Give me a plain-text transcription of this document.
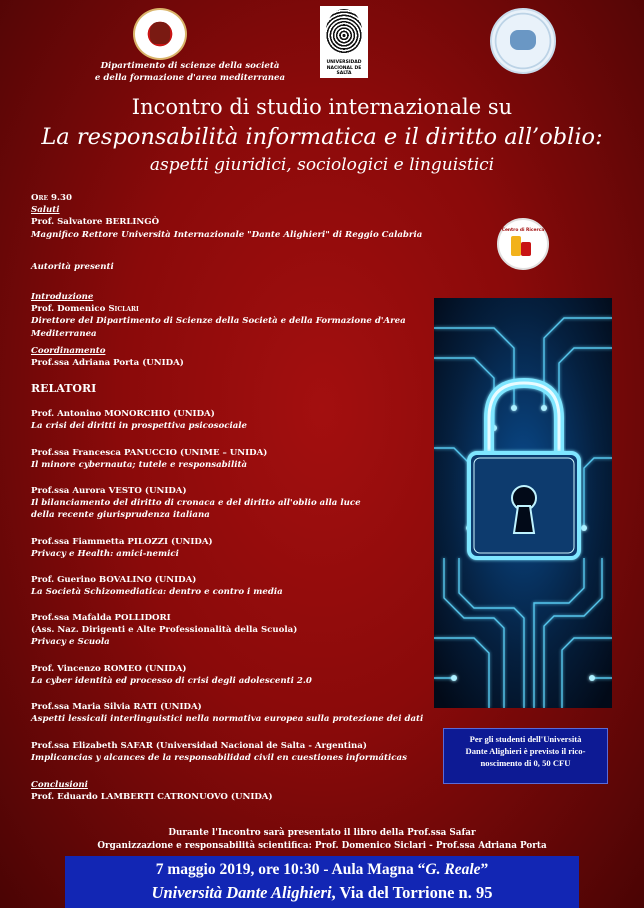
UNIVERSIDAD
NACIONAL DE SALTA
Dipartimento di scienze della società
e della formazione d'area mediterranea
Incontro di studio internazionale su
La responsabilità informatica e il diritto all’oblio:
aspetti giuridici, sociologici e linguistici
Ore 9.30
Saluti
Prof. Salvatore BERLINGÒ
Magnifico Rettore Università Internazionale "Dante Alighieri" di Reggio Calabria
Autorità presenti
Introduzione
Prof. Domenico Siclari
Direttore del Dipartimento di Scienze della Società e della Formazione d'Area Mediterranea
Coordinamento
Prof.ssa Adriana Porta (UNIDA)
RELATORI
Prof. Antonino MONORCHIO (UNIDA)
La crisi dei diritti in prospettiva psicosociale
Prof.ssa Francesca PANUCCIO (UNIME – UNIDA)
Il minore cybernauta; tutele e responsabilità
Prof.ssa Aurora VESTO (UNIDA)
Il bilanciamento del diritto di cronaca e del diritto all'oblio alla luce
della recente giurisprudenza italiana
Prof.ssa Fiammetta PILOZZI (UNIDA)
Privacy e Health: amici-nemici
Prof. Guerino BOVALINO (UNIDA)
La Società Schizomediatica: dentro e contro i media
Prof.ssa Mafalda POLLIDORI
(Ass. Naz. Dirigenti e Alte Professionalità della Scuola)
Privacy e Scuola
Prof. Vincenzo ROMEO (UNIDA)
La cyber identità ed processo di crisi degli adolescenti 2.0
Prof.ssa Maria Silvia RATI (UNIDA)
Aspetti lessicali interlinguistici nella normativa europea sulla protezione dei dati
Prof.ssa Elizabeth SAFAR (Universidad Nacional de Salta - Argentina)
Implicancias y alcances de la responsabilidad civil en cuestiones informáticas
Conclusioni
Prof. Eduardo LAMBERTI CATRONUOVO (UNIDA)
Centro di Ricerca
Per gli studenti dell'Università
Dante Alighieri è previsto il rico-
noscimento di 0, 50 CFU
Durante l'Incontro sarà presentato il libro della Prof.ssa Safar
Organizzazione e responsabilità scientifica: Prof. Domenico Siclari - Prof.ssa Adriana Porta
7 maggio 2019, ore 10:30 - Aula Magna “G. Reale”
Università Dante Alighieri, Via del Torrione n. 95
